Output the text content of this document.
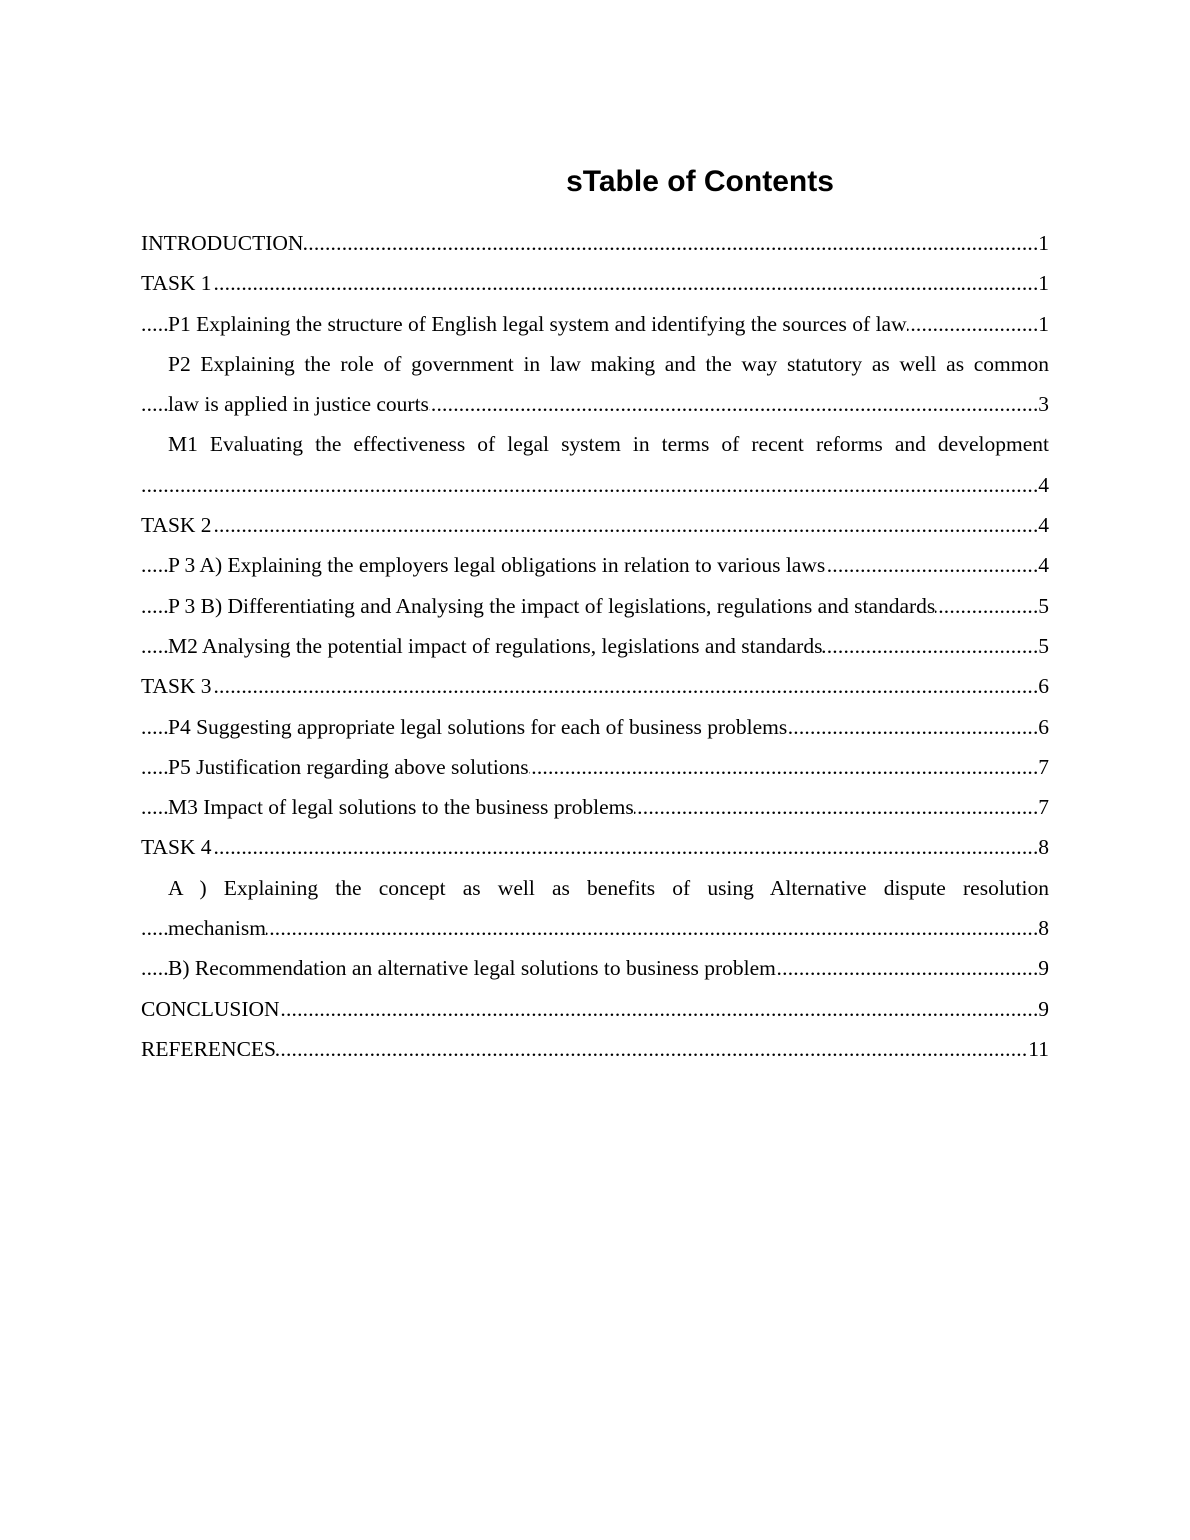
sTable of Contents
INTRODUCTION	1
.....
TASK 1	1
.....
P1 Explaining the structure of English legal system and identifying the sources of law	1
.....
P2 Explaining the role of government in law making and the way statutory as well as common
law is applied in justice courts	3
.....
M1 Evaluating the effectiveness of legal system in terms of recent reforms and development
4
.....
TASK 2	4
.....
P 3 A) Explaining the employers legal obligations in relation to various laws	4
.....
P 3 B) Differentiating and Analysing the impact of legislations, regulations and standards	5
.....
M2 Analysing the potential impact of regulations, legislations and standards	5
.....
TASK 3	6
.....
P4 Suggesting appropriate legal solutions for each of business problems	6
.....
P5 Justification regarding above solutions	7
.....
M3 Impact of legal solutions to the business problems	7
.....
TASK 4	8
.....
A ) Explaining the concept as well as benefits of using Alternative dispute resolution
mechanism	8
.....
B) Recommendation an alternative legal solutions to business problem	9
.....
CONCLUSION	9
.....
REFERENCES	11
.....
